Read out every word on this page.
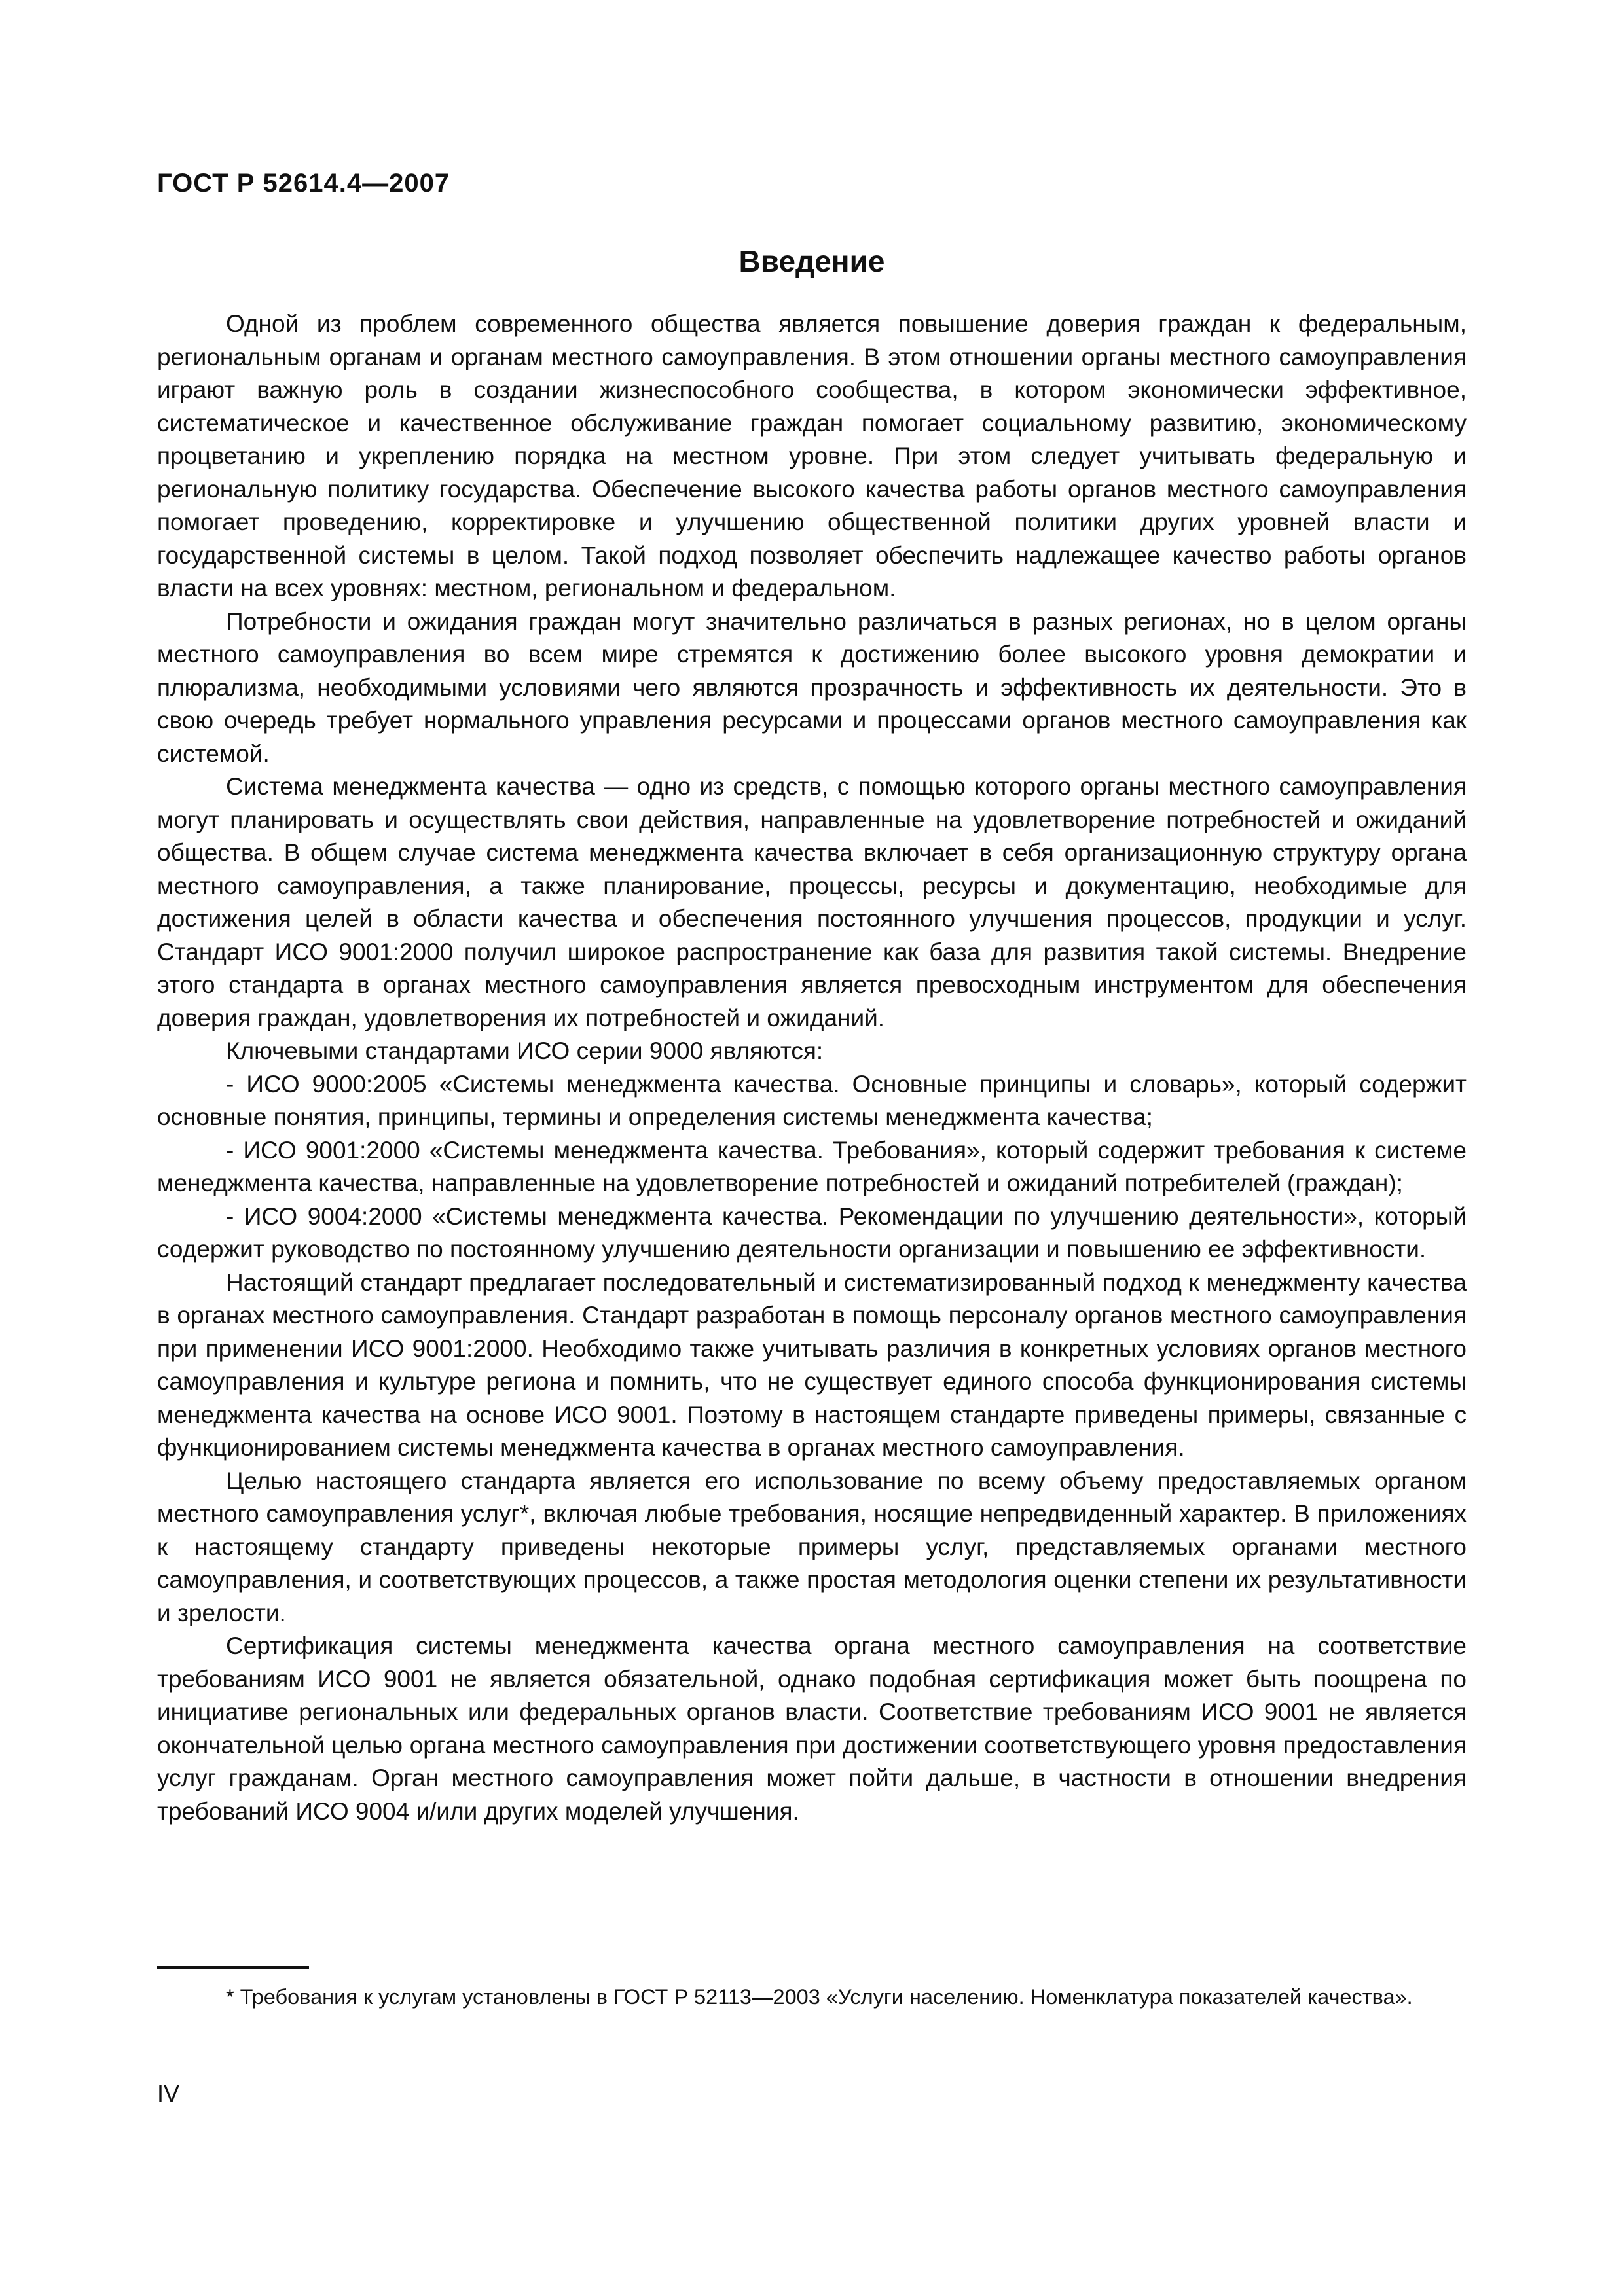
ГОСТ Р 52614.4—2007

Введение

Одной из проблем современного общества является повышение доверия граждан к федеральным, региональным органам и органам местного самоуправления. В этом отношении органы местного самоуправления играют важную роль в создании жизнеспособного сообщества, в котором экономически эффективное, систематическое и качественное обслуживание граждан помогает социальному развитию, экономическому процветанию и укреплению порядка на местном уровне. При этом следует учитывать федеральную и региональную политику государства. Обеспечение высокого качества работы органов местного самоуправления помогает проведению, корректировке и улучшению общественной политики других уровней власти и государственной системы в целом. Такой подход позволяет обеспечить надлежащее качество работы органов власти на всех уровнях: местном, региональном и федеральном.

Потребности и ожидания граждан могут значительно различаться в разных регионах, но в целом органы местного самоуправления во всем мире стремятся к достижению более высокого уровня демократии и плюрализма, необходимыми условиями чего являются прозрачность и эффективность их деятельности. Это в свою очередь требует нормального управления ресурсами и процессами органов местного самоуправления как системой.

Система менеджмента качества — одно из средств, с помощью которого органы местного самоуправления могут планировать и осуществлять свои действия, направленные на удовлетворение потребностей и ожиданий общества. В общем случае система менеджмента качества включает в себя организационную структуру органа местного самоуправления, а также планирование, процессы, ресурсы и документацию, необходимые для достижения целей в области качества и обеспечения постоянного улучшения процессов, продукции и услуг. Стандарт ИСО 9001:2000 получил широкое распространение как база для развития такой системы. Внедрение этого стандарта в органах местного самоуправления является превосходным инструментом для обеспечения доверия граждан, удовлетворения их потребностей и ожиданий.

Ключевыми стандартами ИСО серии 9000 являются:

- ИСО 9000:2005 «Системы менеджмента качества. Основные принципы и словарь», который содержит основные понятия, принципы, термины и определения системы менеджмента качества;

- ИСО 9001:2000 «Системы менеджмента качества. Требования», который содержит требования к системе менеджмента качества, направленные на удовлетворение потребностей и ожиданий потребителей (граждан);

- ИСО 9004:2000 «Системы менеджмента качества. Рекомендации по улучшению деятельности», который содержит руководство по постоянному улучшению деятельности организации и повышению ее эффективности.

Настоящий стандарт предлагает последовательный и систематизированный подход к менеджменту качества в органах местного самоуправления. Стандарт разработан в помощь персоналу органов местного самоуправления при применении ИСО 9001:2000. Необходимо также учитывать различия в конкретных условиях органов местного самоуправления и культуре региона и помнить, что не существует единого способа функционирования системы менеджмента качества на основе ИСО 9001. Поэтому в настоящем стандарте приведены примеры, связанные с функционированием системы менеджмента качества в органах местного самоуправления.

Целью настоящего стандарта является его использование по всему объему предоставляемых органом местного самоуправления услуг*, включая любые требования, носящие непредвиденный характер. В приложениях к настоящему стандарту приведены некоторые примеры услуг, представляемых органами местного самоуправления, и соответствующих процессов, а также простая методология оценки степени их результативности и зрелости.

Сертификация системы менеджмента качества органа местного самоуправления на соответствие требованиям ИСО 9001 не является обязательной, однако подобная сертификация может быть поощрена по инициативе региональных или федеральных органов власти. Соответствие требованиям ИСО 9001 не является окончательной целью органа местного самоуправления при достижении соответствующего уровня предоставления услуг гражданам. Орган местного самоуправления может пойти дальше, в частности в отношении внедрения требований ИСО 9004 и/или других моделей улучшения.

* Требования к услугам установлены в ГОСТ Р 52113—2003 «Услуги населению. Номенклатура показателей качества».

IV
